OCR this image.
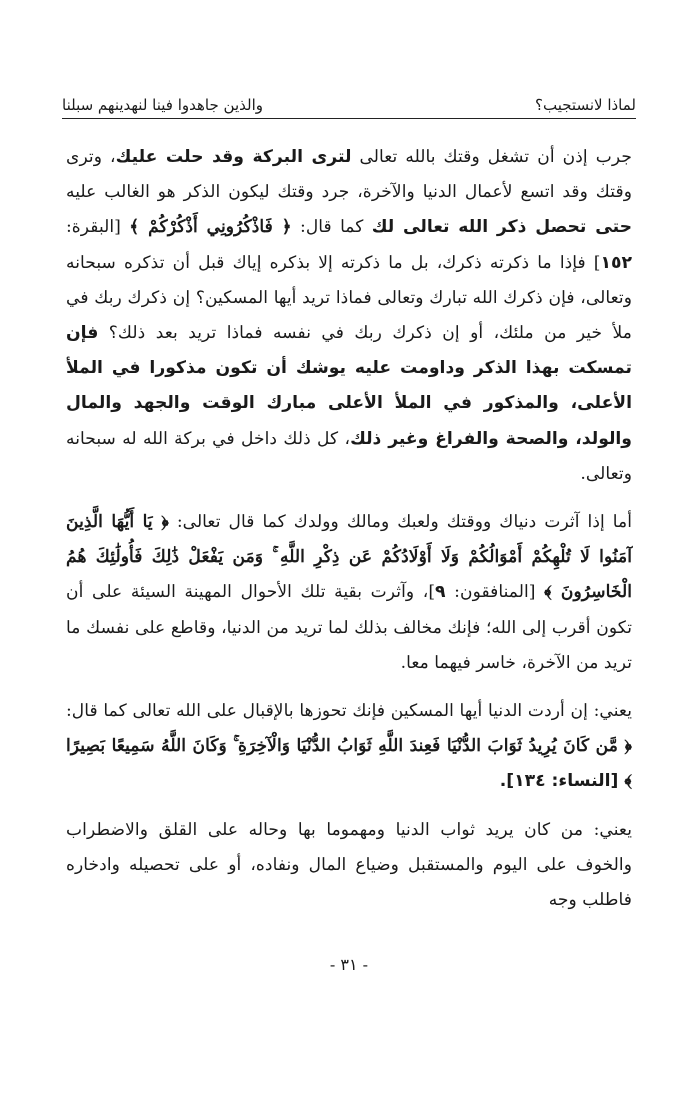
لماذا لانستجيب؟
والذين جاهدوا فينا لنهدينهم سبلنا

جرب إذن أن تشغل وقتك بالله تعالى لترى البركة وقد حلت عليك، وترى وقتك وقد اتسع لأعمال الدنيا والآخرة، جرد وقتك ليكون الذكر هو الغالب عليه حتى تحصل ذكر الله تعالى لك كما قال: ﴿ فَاذْكُرُونِي أَذْكُرْكُمْ ﴾ [البقرة: ١٥٢] فإذا ما ذكرته ذكرك، بل ما ذكرته إلا بذكره إياك قبل أن تذكره سبحانه وتعالى، فإن ذكرك الله تبارك وتعالى فماذا تريد أيها المسكين؟ إن ذكرك ربك في ملأ خير من ملئك، أو إن ذكرك ربك في نفسه فماذا تريد بعد ذلك؟ فإن تمسكت بهذا الذكر وداومت عليه يوشك أن تكون مذكورا في الملأ الأعلى، والمذكور في الملأ الأعلى مبارك الوقت والجهد والمال والولد، والصحة والفراغ وغير ذلك، كل ذلك داخل في بركة الله له سبحانه وتعالى.

أما إذا آثرت دنياك ووقتك ولعبك ومالك وولدك كما قال تعالى: ﴿ يَا أَيُّهَا الَّذِينَ آمَنُوا لَا تُلْهِكُمْ أَمْوَالُكُمْ وَلَا أَوْلَادُكُمْ عَن ذِكْرِ اللَّهِ ۚ وَمَن يَفْعَلْ ذَٰلِكَ فَأُولَٰئِكَ هُمُ الْخَاسِرُونَ ﴾ [المنافقون: ٩]، وآثرت بقية تلك الأحوال المهينة السيئة على أن تكون أقرب إلى الله؛ فإنك مخالف بذلك لما تريد من الدنيا، وقاطع على نفسك ما تريد من الآخرة، خاسر فيهما معا.

يعني: إن أردت الدنيا أيها المسكين فإنك تحوزها بالإقبال على الله تعالى كما قال: ﴿ مَّن كَانَ يُرِيدُ ثَوَابَ الدُّنْيَا فَعِندَ اللَّهِ ثَوَابُ الدُّنْيَا وَالْآخِرَةِ ۚ وَكَانَ اللَّهُ سَمِيعًا بَصِيرًا ﴾ [النساء: ١٣٤].

يعني: من كان يريد ثواب الدنيا ومهموما بها وحاله على القلق والاضطراب والخوف على اليوم والمستقبل وضياع المال ونفاده، أو على تحصيله وادخاره فاطلب وجه

- ٣١ -
